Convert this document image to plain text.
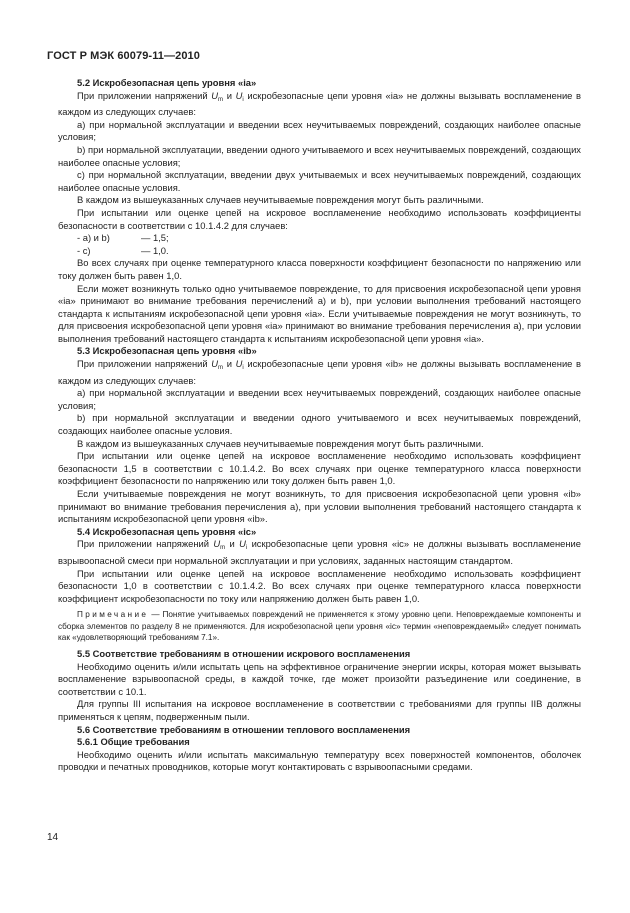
ГОСТ Р МЭК 60079-11—2010

5.2 Искробезопасная цепь уровня «ia»

При приложении напряжений $U_m$ и $U_i$ искробезопасные цепи уровня «ia» не должны вызывать воспламенение в каждом из следующих случаев:

а) при нормальной эксплуатации и введении всех неучитываемых повреждений, создающих наиболее опасные условия;

b) при нормальной эксплуатации, введении одного учитываемого и всех неучитываемых повреждений, создающих наиболее опасные условия;

c) при нормальной эксплуатации, введении двух учитываемых и всех неучитываемых повреждений, создающих наиболее опасные условия.

В каждом из вышеуказанных случаев неучитываемые повреждения могут быть различными.

При испытании или оценке цепей на искровое воспламенение необходимо использовать коэффициенты безопасности в соответствии с 10.1.4.2 для случаев:

- а) и b)	— 1,5;

- с)	— 1,0.

Во всех случаях при оценке температурного класса поверхности коэффициент безопасности по напряжению или току должен быть равен 1,0.

Если может возникнуть только одно учитываемое повреждение, то для присвоения искробезопасной цепи уровня «ia» принимают во внимание требования перечислений а) и b), при условии выполнения требований настоящего стандарта к испытаниям искробезопасной цепи уровня «ia». Если учитываемые повреждения не могут возникнуть, то для присвоения искробезопасной цепи уровня «ia» принимают во внимание требования перечисления а), при условии выполнения требований настоящего стандарта к испытаниям искробезопасной цепи уровня «ia».

5.3 Искробезопасная цепь уровня «ib»

При приложении напряжений $U_m$ и $U_i$ искробезопасные цепи уровня «ib» не должны вызывать воспламенение в каждом из следующих случаев:

а) при нормальной эксплуатации и введении всех неучитываемых повреждений, создающих наиболее опасные условия;

b) при нормальной эксплуатации и введении одного учитываемого и всех неучитываемых повреждений, создающих наиболее опасные условия.

В каждом из вышеуказанных случаев неучитываемые повреждения могут быть различными.

При испытании или оценке цепей на искровое воспламенение необходимо использовать коэффициент безопасности 1,5 в соответствии с 10.1.4.2. Во всех случаях при оценке температурного класса поверхности коэффициент безопасности по напряжению или току должен быть равен 1,0.

Если учитываемые повреждения не могут возникнуть, то для присвоения искробезопасной цепи уровня «ib» принимают во внимание требования перечисления а), при условии выполнения требований настоящего стандарта к испытаниям искробезопасной цепи уровня «ib».

5.4 Искробезопасная цепь уровня «ic»

При приложении напряжений $U_m$ и $U_i$ искробезопасные цепи уровня «ic» не должны вызывать воспламенение взрывоопасной смеси при нормальной эксплуатации и при условиях, заданных настоящим стандартом.

При испытании или оценке цепей на искровое воспламенение необходимо использовать коэффициент безопасности 1,0 в соответствии с 10.1.4.2. Во всех случаях при оценке температурного класса поверхности коэффициент искробезопасности по току или напряжению должен быть равен 1,0.

Примечание — Понятие учитываемых повреждений не применяется к этому уровню цепи. Неповреждаемые компоненты и сборка элементов по разделу 8 не применяются. Для искробезопасной цепи уровня «ic» термин «неповреждаемый» следует понимать как «удовлетворяющий требованиям 7.1».

5.5 Соответствие требованиям в отношении искрового воспламенения

Необходимо оценить и/или испытать цепь на эффективное ограничение энергии искры, которая может вызывать воспламенение взрывоопасной среды, в каждой точке, где может произойти разъединение или соединение, в соответствии с 10.1.

Для группы III испытания на искровое воспламенение в соответствии с требованиями для группы IIB должны применяться к цепям, подверженным пыли.

5.6 Соответствие требованиям в отношении теплового воспламенения

5.6.1 Общие требования

Необходимо оценить и/или испытать максимальную температуру всех поверхностей компонентов, оболочек проводки и печатных проводников, которые могут контактировать с взрывоопасными средами.

14
